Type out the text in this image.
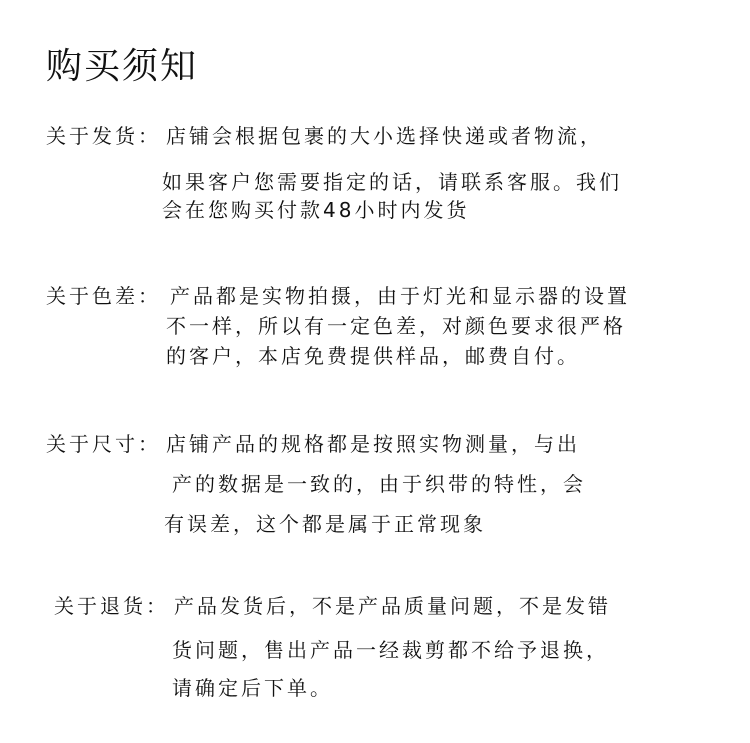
购买须知
关于发货： 店铺会根据包裹的大小选择快递或者物流，
如果客户您需要指定的话，请联系客服。我们
会在您购买付款48小时内发货
关于色差： 产品都是实物拍摄，由于灯光和显示器的设置
不一样，所以有一定色差，对颜色要求很严格
的客户，本店免费提供样品，邮费自付。
关于尺寸： 店铺产品的规格都是按照实物测量，与出
产的数据是一致的，由于织带的特性，会
有误差，这个都是属于正常现象
关于退货： 产品发货后，不是产品质量问题，不是发错
货问题，售出产品一经裁剪都不给予退换，
请确定后下单。
